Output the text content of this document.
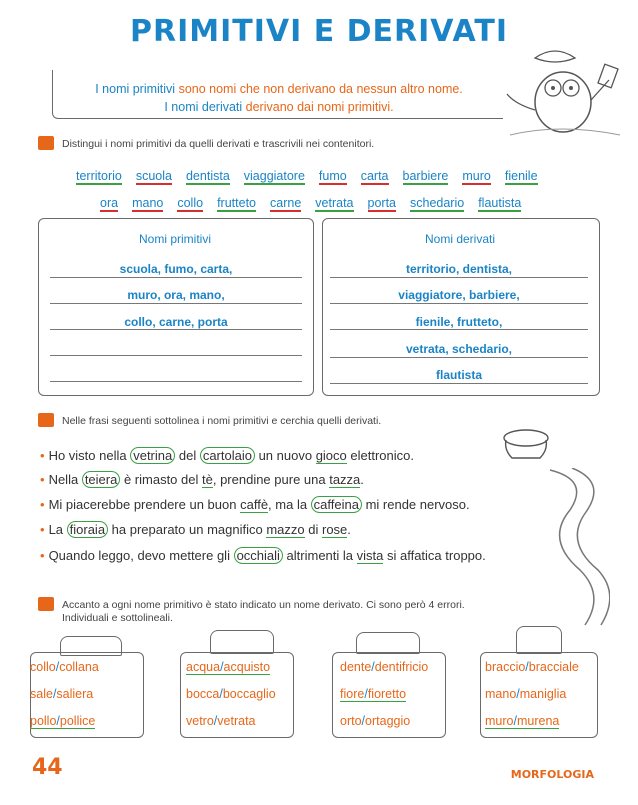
PRIMITIVI E DERIVATI
I nomi primitivi sono nomi che non derivano da nessun altro nome.
I nomi derivati derivano dai nomi primitivi.
Distingui i nomi primitivi da quelli derivati e trascrivili nei contenitori.
territorio scuola dentista viaggiatore fumo carta barbiere muro fienile
ora mano collo frutteto carne vetrata porta schedario flautista
Nomi primitivi	Nomi derivati
scuola, fumo, carta,
muro, ora, mano,
collo, carne, porta
territorio, dentista,
viaggiatore, barbiere,
fienile, frutteto,
vetrata, schedario,
flautista
Nelle frasi seguenti sottolinea i nomi primitivi e cerchia quelli derivati.
• Ho visto nella vetrina del cartolaio un nuovo gioco elettronico.
• Nella teiera è rimasto del tè, prendine pure una tazza.
• Mi piacerebbe prendere un buon caffè, ma la caffeina mi rende nervoso.
• La fioraia ha preparato un magnifico mazzo di rose.
• Quando leggo, devo mettere gli occhiali altrimenti la vista si affatica troppo.
Accanto a ogni nome primitivo è stato indicato un nome derivato. Ci sono però 4 errori.
Individuali e sottolineali.
collo/collana
sale/saliera
pollo/pollice
acqua/acquisto
bocca/boccaglio
vetro/vetrata
dente/dentifricio
fiore/fioretto
orto/ortaggio
braccio/bracciale
mano/maniglia
muro/murena
44	MORFOLOGIA
